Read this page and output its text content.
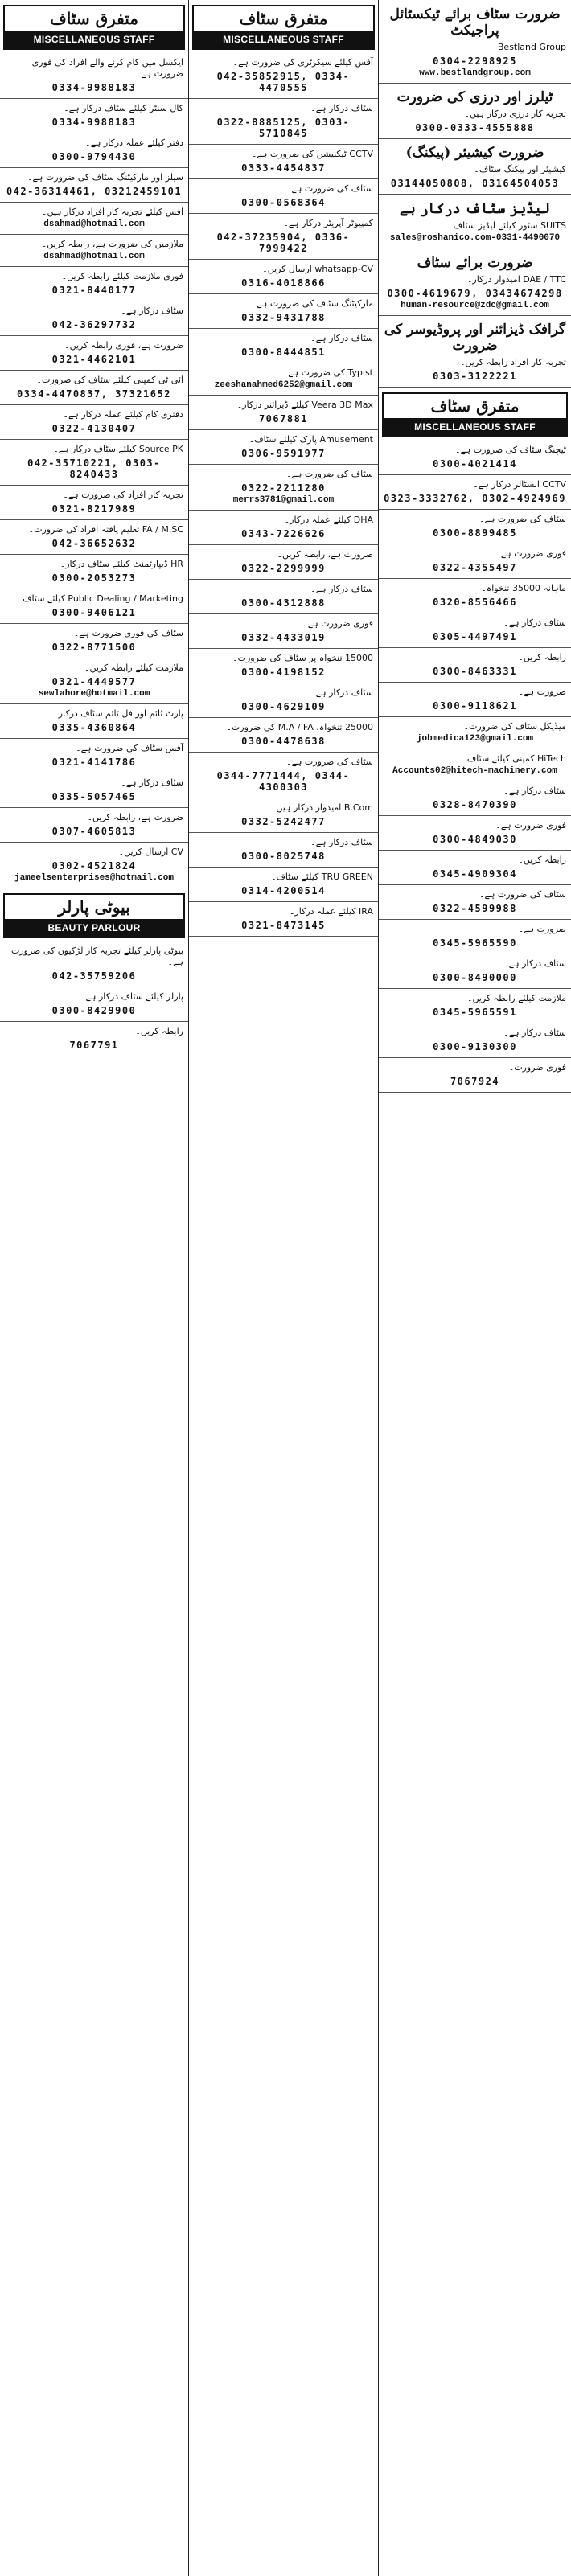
متفرق سٹاف
MISCELLANEOUS STAFF
ایکسل میں کام کرنے والے افراد کی فوری ضرورت ہے۔
0334-9988183
کال سنٹر کیلئے سٹاف درکار ہے۔
0334-9988183
دفتر کیلئے عملہ درکار ہے۔
0300-9794430
سیلز اور مارکیٹنگ سٹاف کی ضرورت ہے۔
042-36314461, 03212459101
آفس کیلئے تجربہ کار افراد درکار ہیں۔
dsahmad@hotmail.com
ملازمین کی ضرورت ہے، رابطہ کریں۔
dsahmad@hotmail.com
فوری ملازمت کیلئے رابطہ کریں۔
0321-8440177
سٹاف درکار ہے۔
042-36297732
ضرورت ہے، فوری رابطہ کریں۔
0321-4462101
آئی ٹی کمپنی کیلئے سٹاف کی ضرورت۔
0334-4470837, 37321652
دفتری کام کیلئے عملہ درکار ہے۔
0322-4130407
Source PK کیلئے سٹاف درکار ہے۔
042-35710221, 0303-8240433
تجربہ کار افراد کی ضرورت ہے۔
0321-8217989
FA / M.SC تعلیم یافتہ افراد کی ضرورت۔
042-36652632
HR ڈیپارٹمنٹ کیلئے سٹاف درکار۔
0300-2053273
Public Dealing / Marketing کیلئے سٹاف۔
0300-9406121
سٹاف کی فوری ضرورت ہے۔
0322-8771500
ملازمت کیلئے رابطہ کریں۔
0321-4449577
sewlahore@hotmail.com
پارٹ ٹائم اور فل ٹائم سٹاف درکار۔
0335-4360864
آفس سٹاف کی ضرورت ہے۔
0321-4141786
سٹاف درکار ہے۔
0335-5057465
ضرورت ہے، رابطہ کریں۔
0307-4605813
CV ارسال کریں۔
0302-4521824
jameelsenterprises@hotmail.com
بیوٹی پارلر
BEAUTY PARLOUR
بیوٹی پارلر کیلئے تجربہ کار لڑکیوں کی ضرورت ہے۔
042-35759206
پارلر کیلئے سٹاف درکار ہے۔
0300-8429900
رابطہ کریں۔
7067791
متفرق سٹاف
MISCELLANEOUS STAFF
آفس کیلئے سیکرٹری کی ضرورت ہے۔
042-35852915, 0334-4470555
سٹاف درکار ہے۔
0322-8885125, 0303-5710845
CCTV ٹیکنیشن کی ضرورت ہے۔
0333-4454837
سٹاف کی ضرورت ہے۔
0300-0568364
کمپیوٹر آپریٹر درکار ہے۔
042-37235904, 0336-7999422
whatsapp-CV ارسال کریں۔
0316-4018866
مارکیٹنگ سٹاف کی ضرورت ہے۔
0332-9431788
سٹاف درکار ہے۔
0300-8444851
Typist کی ضرورت ہے۔
zeeshanahmed6252@gmail.com
Veera 3D Max کیلئے ڈیزائنر درکار۔
7067881
Amusement پارک کیلئے سٹاف۔
0306-9591977
سٹاف کی ضرورت ہے۔
0322-2211280
merrs3781@gmail.com
DHA کیلئے عملہ درکار۔
0343-7226626
ضرورت ہے، رابطہ کریں۔
0322-2299999
سٹاف درکار ہے۔
0300-4312888
فوری ضرورت ہے۔
0332-4433019
15000 تنخواہ پر سٹاف کی ضرورت۔
0300-4198152
سٹاف درکار ہے۔
0300-4629109
25000 تنخواہ، M.A / FA کی ضرورت۔
0300-4478638
سٹاف کی ضرورت ہے۔
0344-7771444, 0344-4300303
B.Com امیدوار درکار ہیں۔
0332-5242477
سٹاف درکار ہے۔
0300-8025748
TRU GREEN کیلئے سٹاف۔
0314-4200514
IRA کیلئے عملہ درکار۔
0321-8473145
ضرورت سٹاف برائے ٹیکسٹائل پراجیکٹ
Bestland Group
0304-2298925
www.bestlandgroup.com
ٹیلرز اور درزی کی ضرورت
تجربہ کار درزی درکار ہیں۔
0300-0333-4555888
ضرورت کیشیئر (پیکنگ)
کیشیئر اور پیکنگ سٹاف۔
03144050808, 03164504053
لیڈیز سٹاف درکار ہے
SUITS سٹور کیلئے لیڈیز سٹاف۔
sales@roshanico.com-0331-4490070
ضرورت برائے سٹاف
DAE / TTC امیدوار درکار۔
0300-4619679, 03434674298
human-resource@zdc@gmail.com
گرافک ڈیزائنر اور پروڈیوسر کی ضرورت
تجربہ کار افراد رابطہ کریں۔
0303-3122221
متفرق سٹاف
MISCELLANEOUS STAFF
ٹیچنگ سٹاف کی ضرورت ہے۔
0300-4021414
CCTV انسٹالر درکار ہے۔
0323-3332762, 0302-4924969
سٹاف کی ضرورت ہے۔
0300-8899485
فوری ضرورت ہے۔
0322-4355497
ماہانہ 35000 تنخواہ۔
0320-8556466
سٹاف درکار ہے۔
0305-4497491
رابطہ کریں۔
0300-8463331
ضرورت ہے۔
0300-9118621
میڈیکل سٹاف کی ضرورت۔
jobmedica123@gmail.com
HiTech کمپنی کیلئے سٹاف۔
Accounts02@hitech-machinery.com
سٹاف درکار ہے۔
0328-8470390
فوری ضرورت ہے۔
0300-4849030
رابطہ کریں۔
0345-4909304
سٹاف کی ضرورت ہے۔
0322-4599988
ضرورت ہے۔
0345-5965590
سٹاف درکار ہے۔
0300-8490000
ملازمت کیلئے رابطہ کریں۔
0345-5965591
سٹاف درکار ہے۔
0300-9130300
فوری ضرورت۔
7067924
